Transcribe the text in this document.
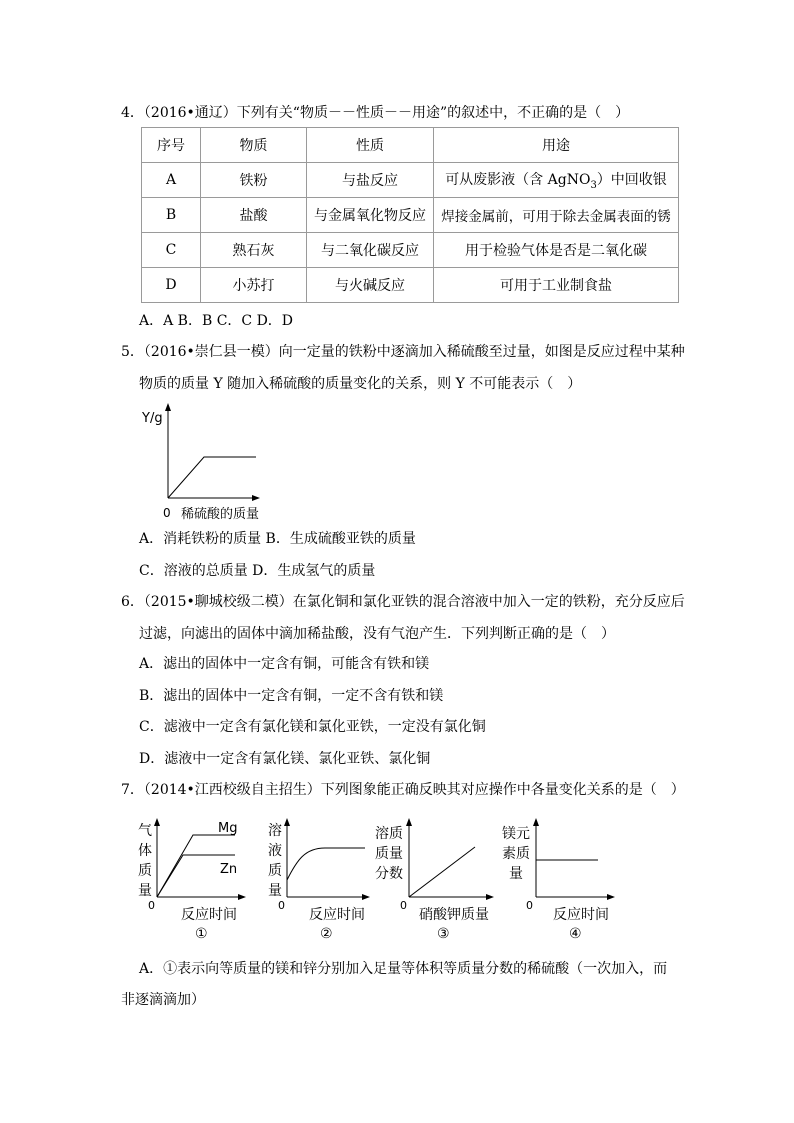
4．（2016•通辽）下列有关“物质－－性质－－用途”的叙述中，不正确的是（　）
序号	物质	性质	用途
A	铁粉	与盐反应	可从废影液（含 AgNO$_3$）中回收银
B	盐酸	与金属氧化物反应	焊接金属前，可用于除去金属表面的锈
C	熟石灰	与二氧化碳反应	用于检验气体是否是二氧化碳
D	小苏打	与火碱反应	可用于工业制食盐
A．A B．B C．C D．D
5．（2016•崇仁县一模）向一定量的铁粉中逐滴加入稀硫酸至过量，如图是反应过程中某种
物质的质量 Y 随加入稀硫酸的质量变化的关系，则 Y 不可能表示（　）
Y/g
0 稀硫酸的质量
A．消耗铁粉的质量 B．生成硫酸亚铁的质量
C．溶液的总质量 D．生成氢气的质量
6．（2015•聊城校级二模）在氯化铜和氯化亚铁的混合溶液中加入一定的铁粉，充分反应后
过滤，向滤出的固体中滴加稀盐酸，没有气泡产生．下列判断正确的是（　）
A．滤出的固体中一定含有铜，可能含有铁和镁
B．滤出的固体中一定含有铜，一定不含有铁和镁
C．滤液中一定含有氯化镁和氯化亚铁，一定没有氯化铜
D．滤液中一定含有氯化镁、氯化亚铁、氯化铜
7．（2014•江西校级自主招生）下列图象能正确反映其对应操作中各量变化关系的是（　）
气
体
质
量
Mg
Zn
0
反应时间
①
溶
液
质
量
0
反应时间
②
溶质
质量
分数
0
硝酸钾质量
③
镁元
素质
量
0
反应时间
④
A．①表示向等质量的镁和锌分别加入足量等体积等质量分数的稀硫酸（一次加入，而
非逐滴滴加）
